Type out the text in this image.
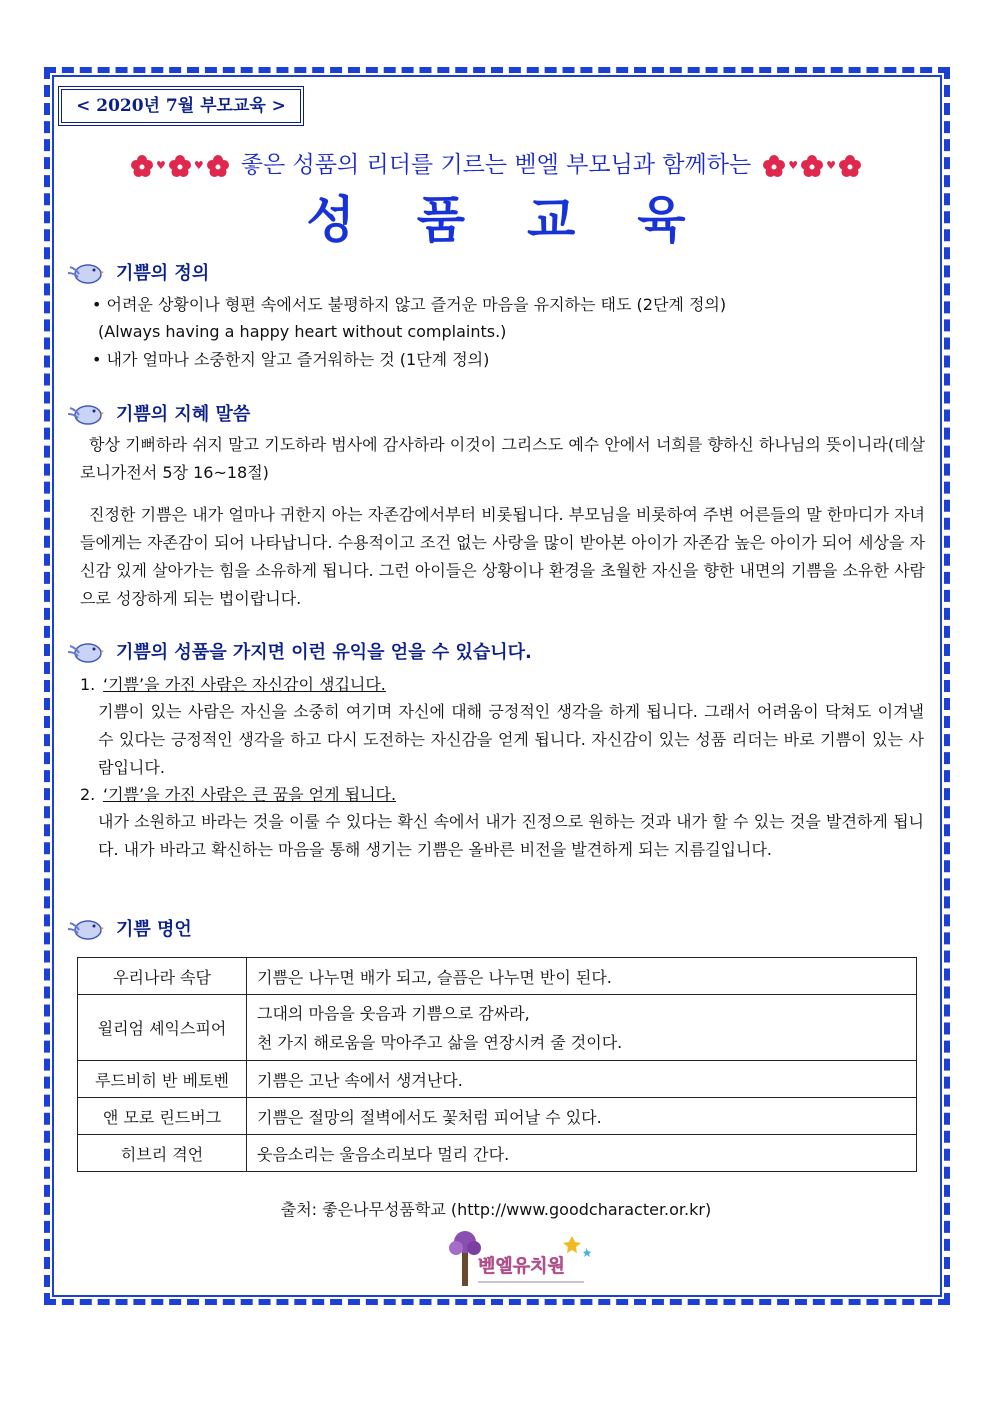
< 2020년 7월 부모교육 >
♥	♥ 좋은 성품의 리더를 기르는 벧엘 부모님과 함께하는	♥	♥
성품교육
기쁨의 정의
• 어려운 상황이나 형편 속에서도 불평하지 않고 즐거운 마음을 유지하는 태도 (2단계 정의)
(Always having a happy heart without complaints.)
• 내가 얼마나 소중한지 알고 즐거워하는 것 (1단계 정의)
기쁨의 지혜 말씀
항상 기뻐하라 쉬지 말고 기도하라 범사에 감사하라 이것이 그리스도 예수 안에서 너희를 향하신 하나님의 뜻이니라(데살로니가전서 5장 16~18절)
진정한 기쁨은 내가 얼마나 귀한지 아는 자존감에서부터 비롯됩니다. 부모님을 비롯하여 주변 어른들의 말 한마디가 자녀들에게는 자존감이 되어 나타납니다. 수용적이고 조건 없는 사랑을 많이 받아본 아이가 자존감 높은 아이가 되어 세상을 자신감 있게 살아가는 힘을 소유하게 됩니다. 그런 아이들은 상황이나 환경을 초월한 자신을 향한 내면의 기쁨을 소유한 사람으로 성장하게 되는 법이랍니다.
기쁨의 성품을 가지면 이런 유익을 얻을 수 있습니다.
1. ‘기쁨’을 가진 사람은 자신감이 생깁니다.
기쁨이 있는 사람은 자신을 소중히 여기며 자신에 대해 긍정적인 생각을 하게 됩니다. 그래서 어려움이 닥쳐도 이겨낼 수 있다는 긍정적인 생각을 하고 다시 도전하는 자신감을 얻게 됩니다. 자신감이 있는 성품 리더는 바로 기쁨이 있는 사람입니다.
2. ‘기쁨’을 가진 사람은 큰 꿈을 얻게 됩니다.
내가 소원하고 바라는 것을 이룰 수 있다는 확신 속에서 내가 진정으로 원하는 것과 내가 할 수 있는 것을 발견하게 됩니다. 내가 바라고 확신하는 마음을 통해 생기는 기쁨은 올바른 비전을 발견하게 되는 지름길입니다.
기쁨 명언
우리나라 속담	기쁨은 나누면 배가 되고, 슬픔은 나누면 반이 된다.
윌리엄 셰익스피어	그대의 마음을 웃음과 기쁨으로 감싸라,
천 가지 해로움을 막아주고 삶을 연장시켜 줄 것이다.

루드비히 반 베토벤	기쁨은 고난 속에서 생겨난다.
앤 모로 린드버그	기쁨은 절망의 절벽에서도 꽃처럼 피어날 수 있다.
히브리 격언	웃음소리는 울음소리보다 멀리 간다.
출처: 좋은나무성품학교 (http://www.goodcharacter.or.kr)
벧엘유치원
